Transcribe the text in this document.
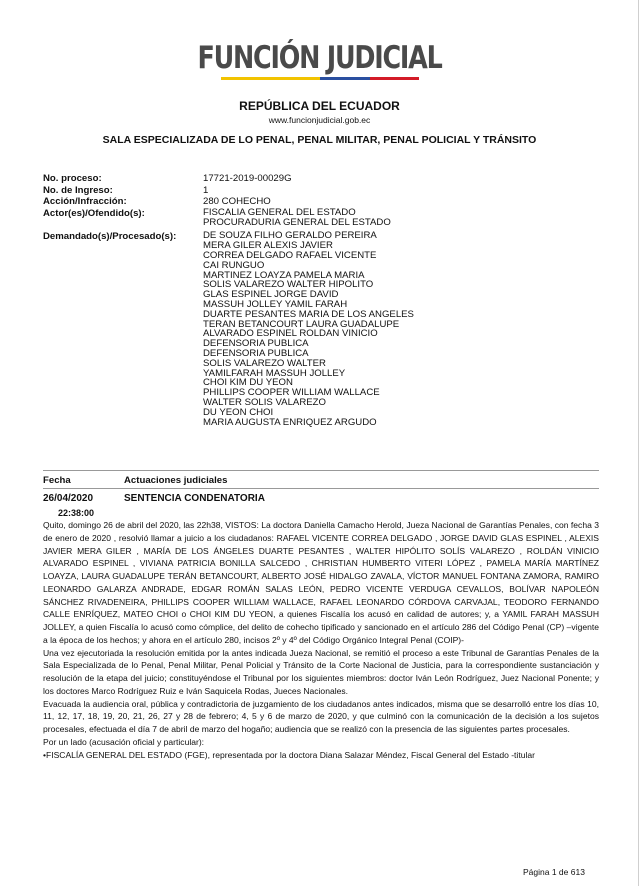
FUNCIÓN JUDICIAL
REPÚBLICA DEL ECUADOR
www.funcionjudicial.gob.ec
SALA ESPECIALIZADA DE LO PENAL, PENAL MILITAR, PENAL POLICIAL Y TRÁNSITO
No. proceso:	17721-2019-00029G
No. de Ingreso:	1
Acción/Infracción:	280 COHECHO
Actor(es)/Ofendido(s):	FISCALIA GENERAL DEL ESTADO
PROCURADURIA GENERAL DEL ESTADO
Demandado(s)/Procesado(s):	DE SOUZA FILHO GERALDO PEREIRA
MERA GILER ALEXIS JAVIER
CORREA DELGADO RAFAEL VICENTE
CAI RUNGUO
MARTINEZ LOAYZA PAMELA MARIA
SOLIS VALAREZO WALTER HIPOLITO
GLAS ESPINEL JORGE DAVID
MASSUH JOLLEY YAMIL FARAH
DUARTE PESANTES MARIA DE LOS ANGELES
TERAN BETANCOURT LAURA GUADALUPE
ALVARADO ESPINEL ROLDAN VINICIO
DEFENSORIA PUBLICA
DEFENSORIA PUBLICA
SOLIS VALAREZO WALTER
YAMILFARAH MASSUH JOLLEY
CHOI KIM DU YEON
PHILLIPS COOPER WILLIAM WALLACE
WALTER SOLIS VALAREZO
DU YEON CHOI
MARIA AUGUSTA ENRIQUEZ ARGUDO
Fecha	Actuaciones judiciales
26/04/2020	SENTENCIA CONDENATORIA
22:38:00

Quito, domingo 26 de abril del 2020, las 22h38, VISTOS: La doctora Daniella Camacho Herold, Jueza Nacional de Garantías Penales, con fecha 3 de enero de 2020 , resolvió llamar a juicio a los ciudadanos: RAFAEL VICENTE CORREA DELGADO , JORGE DAVID GLAS ESPINEL , ALEXIS JAVIER MERA GILER , MARÍA DE LOS ÁNGELES DUARTE PESANTES , WALTER HIPÓLITO SOLÍS VALAREZO , ROLDÁN VINICIO ALVARADO ESPINEL , VIVIANA PATRICIA BONILLA SALCEDO , CHRISTIAN HUMBERTO VITERI LÓPEZ , PAMELA MARÍA MARTÍNEZ LOAYZA, LAURA GUADALUPE TERÁN BETANCOURT, ALBERTO JOSÉ HIDALGO ZAVALA, VÍCTOR MANUEL FONTANA ZAMORA, RAMIRO LEONARDO GALARZA ANDRADE, EDGAR ROMÁN SALAS LEÓN, PEDRO VICENTE VERDUGA CEVALLOS, BOLÍVAR NAPOLEÓN SÁNCHEZ RIVADENEIRA, PHILLIPS COOPER WILLIAM WALLACE, RAFAEL LEONARDO CÓRDOVA CARVAJAL, TEODORO FERNANDO CALLE ENRÍQUEZ, MATEO CHOI o CHOI KIM DU YEON, a quienes Fiscalía los acusó en calidad de autores; y, a YAMIL FARAH MASSUH JOLLEY, a quien Fiscalía lo acusó como cómplice, del delito de cohecho tipificado y sancionado en el artículo 286 del Código Penal (CP) –vigente a la época de los hechos; y ahora en el artículo 280, incisos 2º y 4º del Código Orgánico Integral Penal (COIP)-

Una vez ejecutoriada la resolución emitida por la antes indicada Jueza Nacional, se remitió el proceso a este Tribunal de Garantías Penales de la Sala Especializada de lo Penal, Penal Militar, Penal Policial y Tránsito de la Corte Nacional de Justicia, para la correspondiente sustanciación y resolución de la etapa del juicio; constituyéndose el Tribunal por los siguientes miembros: doctor Iván León Rodríguez, Juez Nacional Ponente; y los doctores Marco Rodríguez Ruiz e Iván Saquicela Rodas, Jueces Nacionales.

Evacuada la audiencia oral, pública y contradictoria de juzgamiento de los ciudadanos antes indicados, misma que se desarrolló entre los días 10, 11, 12, 17, 18, 19, 20, 21, 26, 27 y 28 de febrero; 4, 5 y 6 de marzo de 2020, y que culminó con la comunicación de la decisión a los sujetos procesales, efectuada el día 7 de abril de marzo del hogaño; audiencia que se realizó con la presencia de las siguientes partes procesales.

Por un lado (acusación oficial y particular):

•FISCALÍA GENERAL DEL ESTADO (FGE), representada por la doctora Diana Salazar Méndez, Fiscal General del Estado -titular

Página 1 de 613
